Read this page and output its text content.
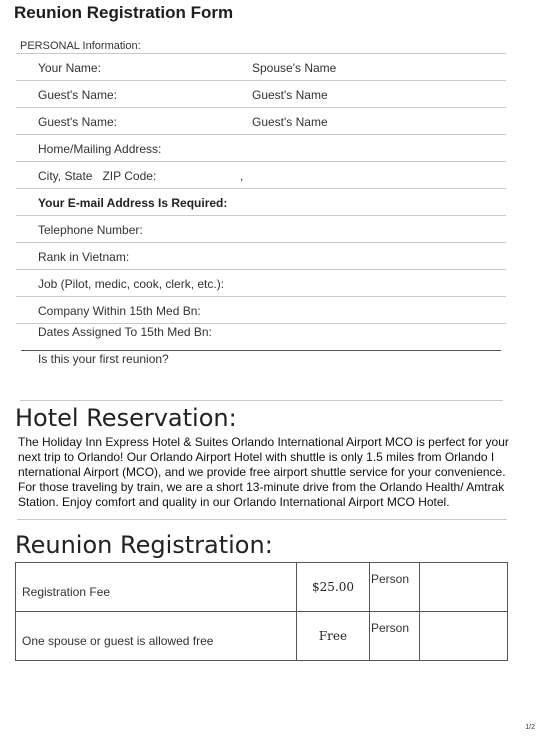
Reunion Registration Form
PERSONAL Information:
Your Name:	Spouse's Name
Guest's Name:	Guest's Name
Guest's Name:	Guest's Name
Home/Mailing Address:
City, State   ZIP Code:	,
Your E-mail Address Is Required:
Telephone Number:
Rank in Vietnam:
Job (Pilot, medic, cook, clerk, etc.):
Company Within 15th Med Bn:
Dates Assigned To 15th Med Bn:
Is this your first reunion?
Hotel Reservation:
The Holiday Inn Express Hotel & Suites Orlando International Airport MCO is perfect for your next trip to Orlando! Our Orlando Airport Hotel with shuttle is only 1.5 miles from Orlando I nternational Airport (MCO), and we provide free airport shuttle service for your convenience. For those traveling by train, we are a short 13-minute drive from the Orlando Health/ Amtrak Station. Enjoy comfort and quality in our Orlando International Airport MCO Hotel.
Reunion Registration:
Registration Fee	$25.00	Person	

One spouse or guest is allowed free	Free	Person	

1/2
